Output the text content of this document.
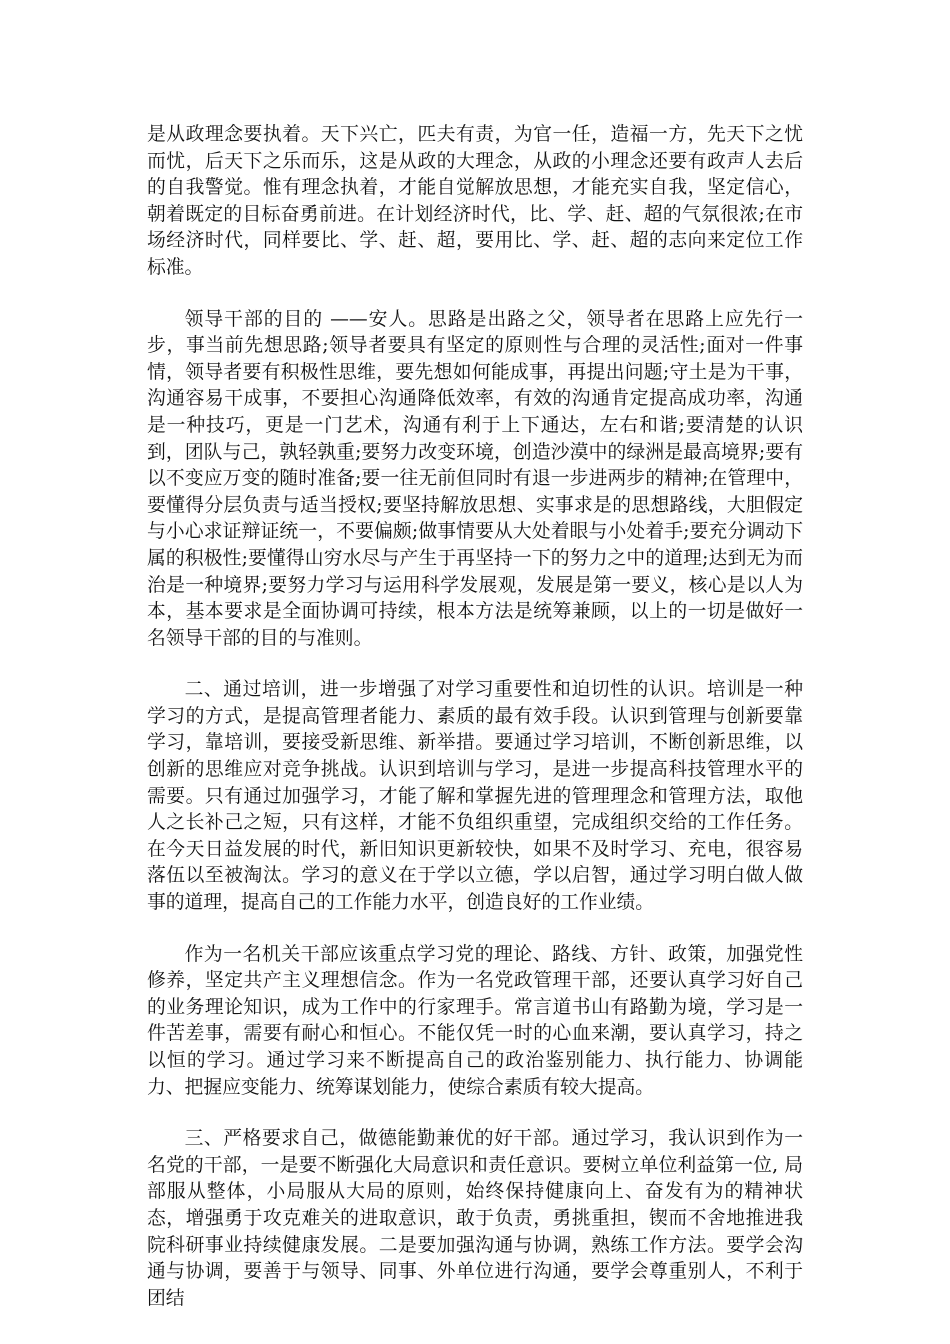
是从政理念要执着。天下兴亡，匹夫有责，为官一任，造福一方，先天下之忧而忧，后天下之乐而乐，这是从政的大理念，从政的小理念还要有政声人去后的自我警觉。惟有理念执着，才能自觉解放思想，才能充实自我，坚定信心，朝着既定的目标奋勇前进。在计划经济时代，比、学、赶、超的气氛很浓;在市场经济时代，同样要比、学、赶、超，要用比、学、赶、超的志向来定位工作标准。

领导干部的目的 ——安人。思路是出路之父，领导者在思路上应先行一步，事当前先想思路;领导者要具有坚定的原则性与合理的灵活性;面对一件事情，领导者要有积极性思维，要先想如何能成事，再提出问题;守土是为干事，沟通容易干成事，不要担心沟通降低效率，有效的沟通肯定提高成功率，沟通是一种技巧，更是一门艺术，沟通有利于上下通达，左右和谐;要清楚的认识到，团队与己，孰轻孰重;要努力改变环境，创造沙漠中的绿洲是最高境界;要有以不变应万变的随时准备;要一往无前但同时有退一步进两步的精神;在管理中，要懂得分层负责与适当授权;要坚持解放思想、实事求是的思想路线，大胆假定与小心求证辩证统一，不要偏颇;做事情要从大处着眼与小处着手;要充分调动下属的积极性;要懂得山穷水尽与产生于再坚持一下的努力之中的道理;达到无为而治是一种境界;要努力学习与运用科学发展观，发展是第一要义，核心是以人为本，基本要求是全面协调可持续，根本方法是统筹兼顾，以上的一切是做好一名领导干部的目的与准则。

二、通过培训，进一步增强了对学习重要性和迫切性的认识。培训是一种学习的方式，是提高管理者能力、素质的最有效手段。认识到管理与创新要靠学习，靠培训，要接受新思维、新举措。要通过学习培训，不断创新思维，以创新的思维应对竞争挑战。认识到培训与学习，是进一步提高科技管理水平的需要。只有通过加强学习，才能了解和掌握先进的管理理念和管理方法，取他人之长补己之短，只有这样，才能不负组织重望，完成组织交给的工作任务。在今天日益发展的时代，新旧知识更新较快，如果不及时学习、充电，很容易落伍以至被淘汰。学习的意义在于学以立德，学以启智，通过学习明白做人做事的道理，提高自己的工作能力水平，创造良好的工作业绩。

作为一名机关干部应该重点学习党的理论、路线、方针、政策，加强党性修养，坚定共产主义理想信念。作为一名党政管理干部，还要认真学习好自己的业务理论知识，成为工作中的行家理手。常言道书山有路勤为境，学习是一件苦差事，需要有耐心和恒心。不能仅凭一时的心血来潮，要认真学习，持之以恒的学习。通过学习来不断提高自己的政治鉴别能力、执行能力、协调能力、把握应变能力、统筹谋划能力，使综合素质有较大提高。

三、严格要求自己，做德能勤兼优的好干部。通过学习，我认识到作为一名党的干部，一是要不断强化大局意识和责任意识。要树立单位利益第一位, 局部服从整体，小局服从大局的原则，始终保持健康向上、奋发有为的精神状态，增强勇于攻克难关的进取意识，敢于负责，勇挑重担，锲而不舍地推进我院科研事业持续健康发展。二是要加强沟通与协调，熟练工作方法。要学会沟通与协调，要善于与领导、同事、外单位进行沟通，要学会尊重别人，不利于团结
